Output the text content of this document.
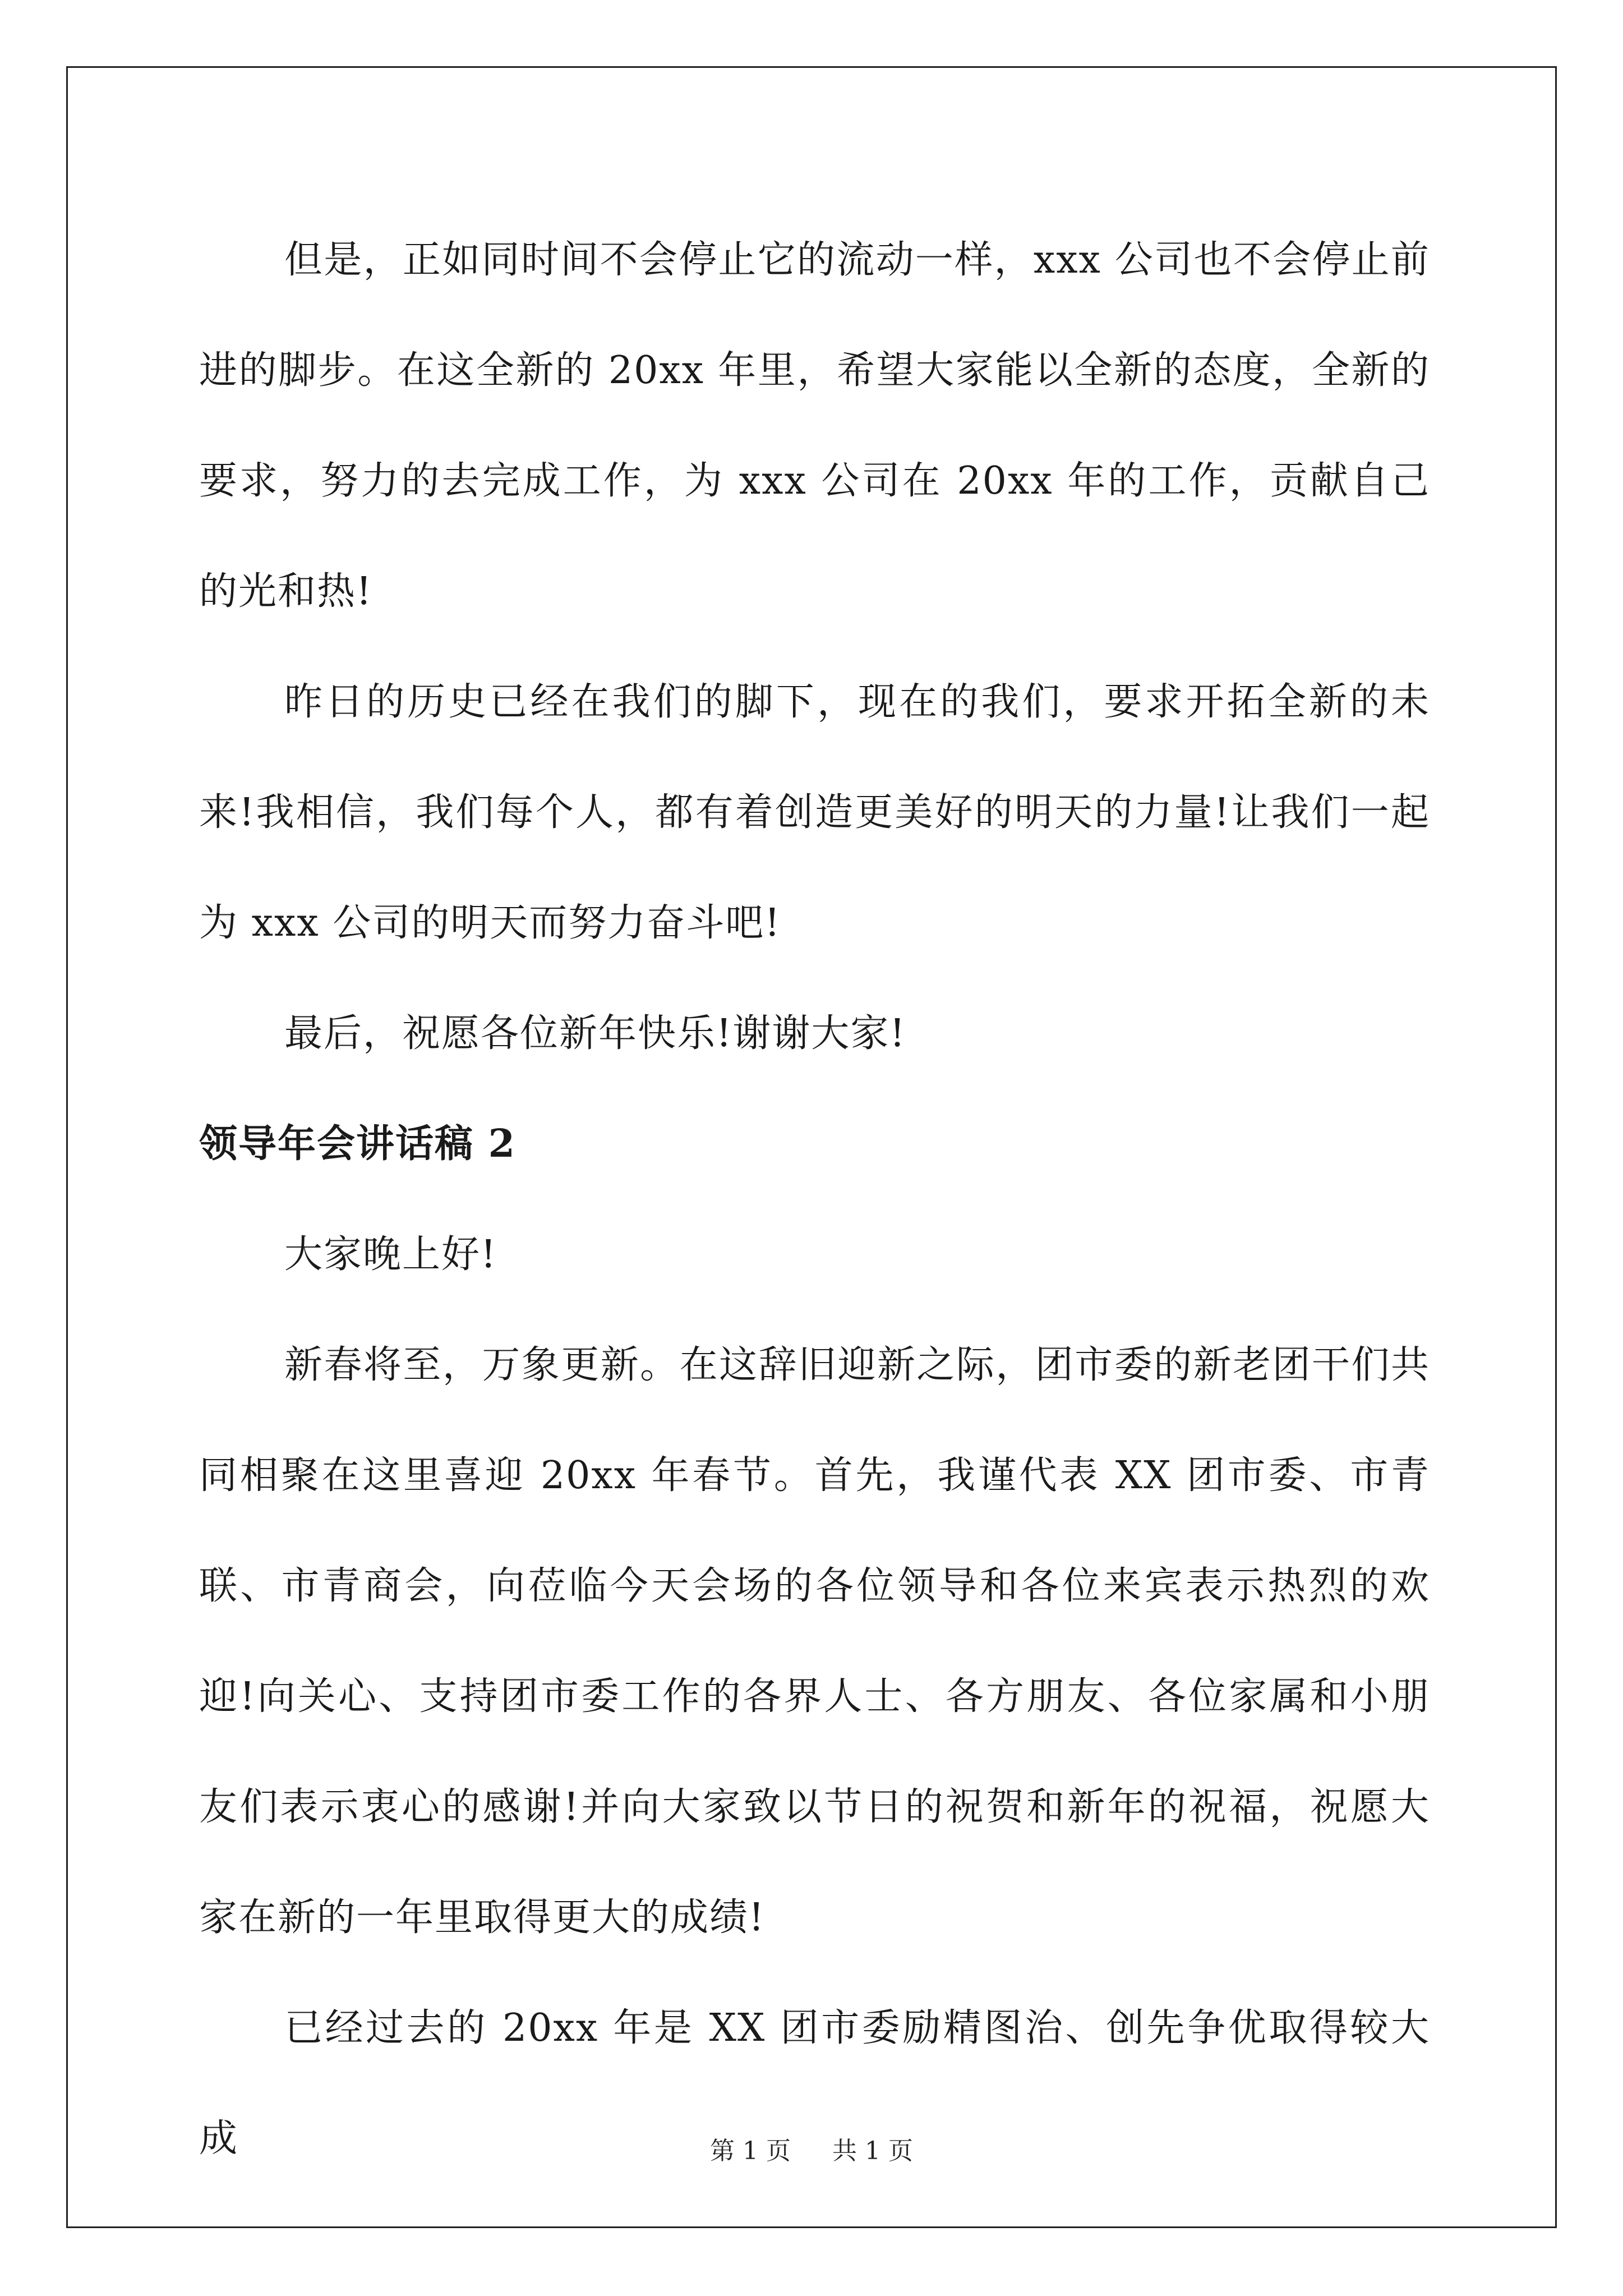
但是，正如同时间不会停止它的流动一样，xxx 公司也不会停止前进的脚步。在这全新的 20xx 年里，希望大家能以全新的态度，全新的要求，努力的去完成工作，为 xxx 公司在 20xx 年的工作，贡献自己的光和热!

昨日的历史已经在我们的脚下，现在的我们，要求开拓全新的未来!我相信，我们每个人，都有着创造更美好的明天的力量!让我们一起为 xxx 公司的明天而努力奋斗吧!

最后，祝愿各位新年快乐!谢谢大家!

领导年会讲话稿 2

大家晚上好!

新春将至，万象更新。在这辞旧迎新之际，团市委的新老团干们共同相聚在这里喜迎 20xx 年春节。首先，我谨代表 XX 团市委、市青联、市青商会，向莅临今天会场的各位领导和各位来宾表示热烈的欢迎!向关心、支持团市委工作的各界人士、各方朋友、各位家属和小朋友们表示衷心的感谢!并向大家致以节日的祝贺和新年的祝福，祝愿大家在新的一年里取得更大的成绩!

已经过去的 20xx 年是 XX 团市委励精图治、创先争优取得较大成	第 1 页 共 1 页
